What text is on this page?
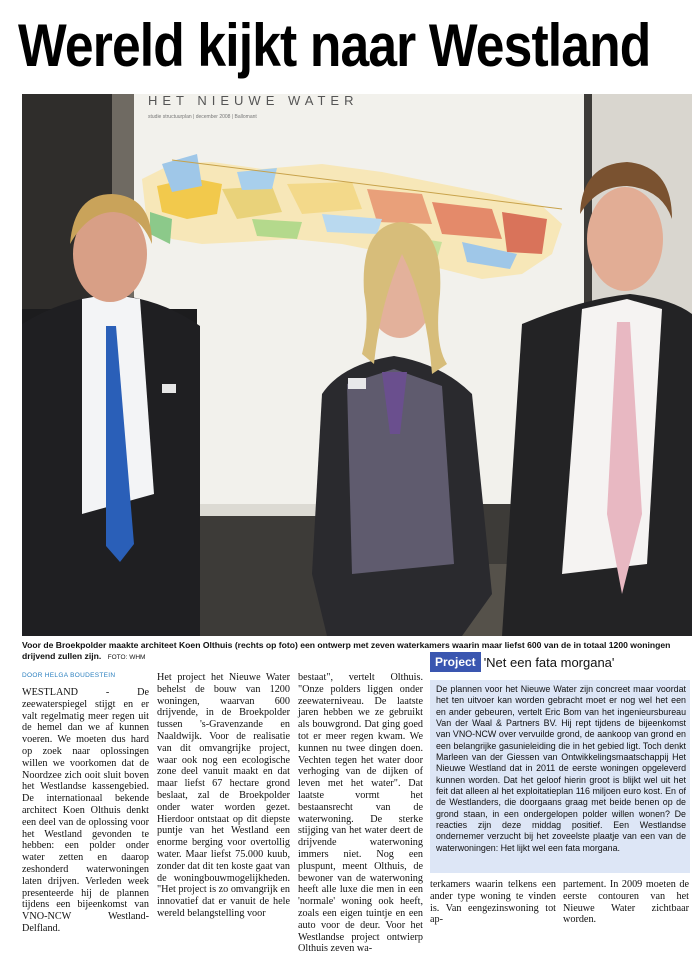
Wereld kijkt naar Westland
HET NIEUWE WATER
studie structuurplan | december 2008 | Ballomant
Voor de Broekpolder maakte architeet Koen Olthuis (rechts op foto) een ontwerp met zeven waterkamers waarin maar liefst 600 van de in totaal 1200 woningen drijvend zullen zijn. FOTO: WHM
DOOR HELGA BOUDESTEIN
WESTLAND - De zeewaterspiegel stijgt en er valt regelmatig meer regen uit de hemel dan we af kunnen voeren. We moeten dus hard op zoek naar oplossingen willen we voorkomen dat de Noordzee zich ooit sluit boven het Westlandse kassengebied. De internationaal bekende architect Koen Olthuis denkt een deel van de oplossing voor het Westland gevonden te hebben: een polder onder water zetten en daarop zeshonderd waterwoningen laten drijven. Verleden week presenteerde hij de plannen tijdens een bijeenkomst van VNO-NCW Westland-Delfland.
Het project het Nieuwe Water behelst de bouw van 1200 woningen, waarvan 600 drijvende, in de Broekpolder tussen 's-Gravenzande en Naaldwijk. Voor de realisatie van dit omvangrijke project, waar ook nog een ecologische zone deel vanuit maakt en dat maar liefst 67 hectare grond beslaat, zal de Broekpolder onder water worden gezet. Hierdoor ontstaat op dit diepste puntje van het Westland een enorme berging voor overtollig water. Maar liefst 75.000 kuub, zonder dat dit ten koste gaat van de woningbouwmogelijkheden. "Het project is zo omvangrijk en innovatief dat er vanuit de hele wereld belangstelling voor
bestaat", vertelt Olthuis. "Onze polders liggen onder zeewaterniveau. De laatste jaren hebben we ze gebruikt als bouwgrond. Dat ging goed tot er meer regen kwam. We kunnen nu twee dingen doen. Vechten tegen het water door verhoging van de dijken of leven met het water". Dat laatste vormt het bestaansrecht van de waterwoning. De sterke stijging van het water deert de drijvende waterwoning immers niet. Nog een pluspunt, meent Olthuis, de bewoner van de waterwoning heeft alle luxe die men in een 'normale' woning ook heeft, zoals een eigen tuintje en een auto voor de deur. Voor het Westlandse project ontwierp Olthuis zeven wa-
terkamers waarin telkens een ander type woning te vinden is. Van eengezinswoning tot ap-
partement. In 2009 moeten de eerste contouren van het Nieuwe Water zichtbaar worden.
Project 'Net een fata morgana'
De plannen voor het Nieuwe Water zijn concreet maar voordat het ten uitvoer kan worden gebracht moet er nog wel het een en ander gebeuren, vertelt Eric Bom van het ingenieursbureau Van der Waal & Partners BV. Hij rept tijdens de bijeenkomst van VNO-NCW over vervuilde grond, de aankoop van grond en een belangrijke gasunieleiding die in het gebied ligt. Toch denkt Marleen van der Giessen van Ontwikkelingsmaatschappij Het Nieuwe Westland dat in 2011 de eerste woningen opgeleverd kunnen worden. Dat het geloof hierin groot is blijkt wel uit het feit dat alleen al het exploitatieplan 116 miljoen euro kost. En of de Westlanders, die doorgaans graag met beide benen op de grond staan, in een ondergelopen polder willen wonen? De reacties zijn deze middag positief. Een Westlandse ondernemer verzucht bij het zoveelste plaatje van een van de waterwoningen: Het lijkt wel een fata morgana.
